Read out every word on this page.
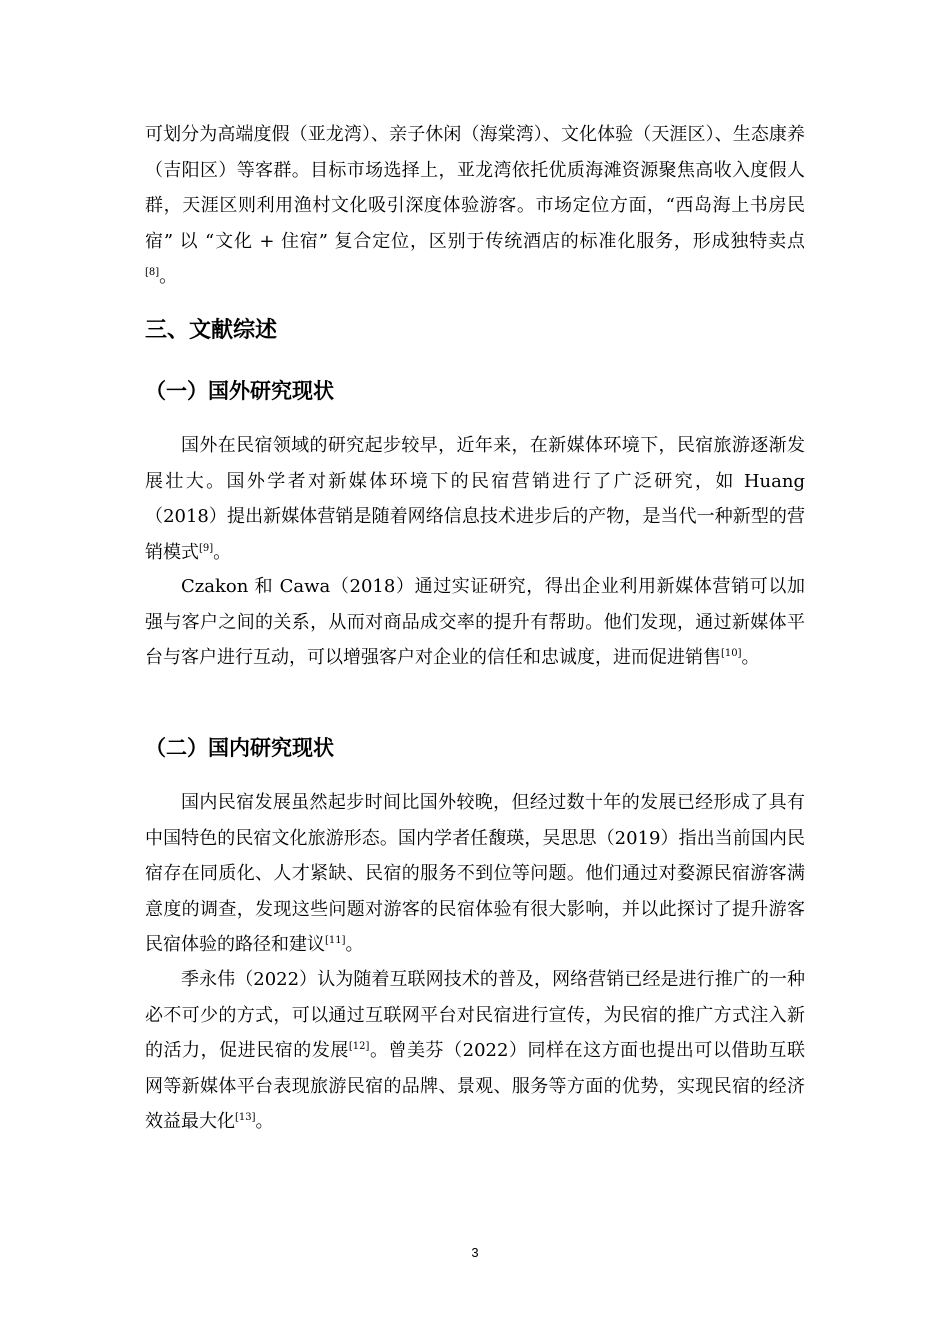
可划分为高端度假（亚龙湾）、亲子休闲（海棠湾）、文化体验（天涯区）、生态康养（吉阳区）等客群。目标市场选择上，亚龙湾依托优质海滩资源聚焦高收入度假人群，天涯区则利用渔村文化吸引深度体验游客。市场定位方面，“西岛海上书房民宿” 以 “文化 + 住宿” 复合定位，区别于传统酒店的标准化服务，形成独特卖点[8]。

三、文献综述
（一）国外研究现状

国外在民宿领域的研究起步较早，近年来，在新媒体环境下，民宿旅游逐渐发展壮大。国外学者对新媒体环境下的民宿营销进行了广泛研究，如 Huang（2018）提出新媒体营销是随着网络信息技术进步后的产物，是当代一种新型的营销模式[9]。

Czakon 和 Cawa（2018）通过实证研究，得出企业利用新媒体营销可以加强与客户之间的关系，从而对商品成交率的提升有帮助。他们发现，通过新媒体平台与客户进行互动，可以增强客户对企业的信任和忠诚度，进而促进销售[10]。

（二）国内研究现状

国内民宿发展虽然起步时间比国外较晚，但经过数十年的发展已经形成了具有中国特色的民宿文化旅游形态。国内学者任馥瑛，吴思思（2019）指出当前国内民宿存在同质化、人才紧缺、民宿的服务不到位等问题。他们通过对婺源民宿游客满意度的调查，发现这些问题对游客的民宿体验有很大影响，并以此探讨了提升游客民宿体验的路径和建议[11]。

季永伟（2022）认为随着互联网技术的普及，网络营销已经是进行推广的一种必不可少的方式，可以通过互联网平台对民宿进行宣传，为民宿的推广方式注入新的活力，促进民宿的发展[12]。曾美芬（2022）同样在这方面也提出可以借助互联网等新媒体平台表现旅游民宿的品牌、景观、服务等方面的优势，实现民宿的经济效益最大化[13]。

3
